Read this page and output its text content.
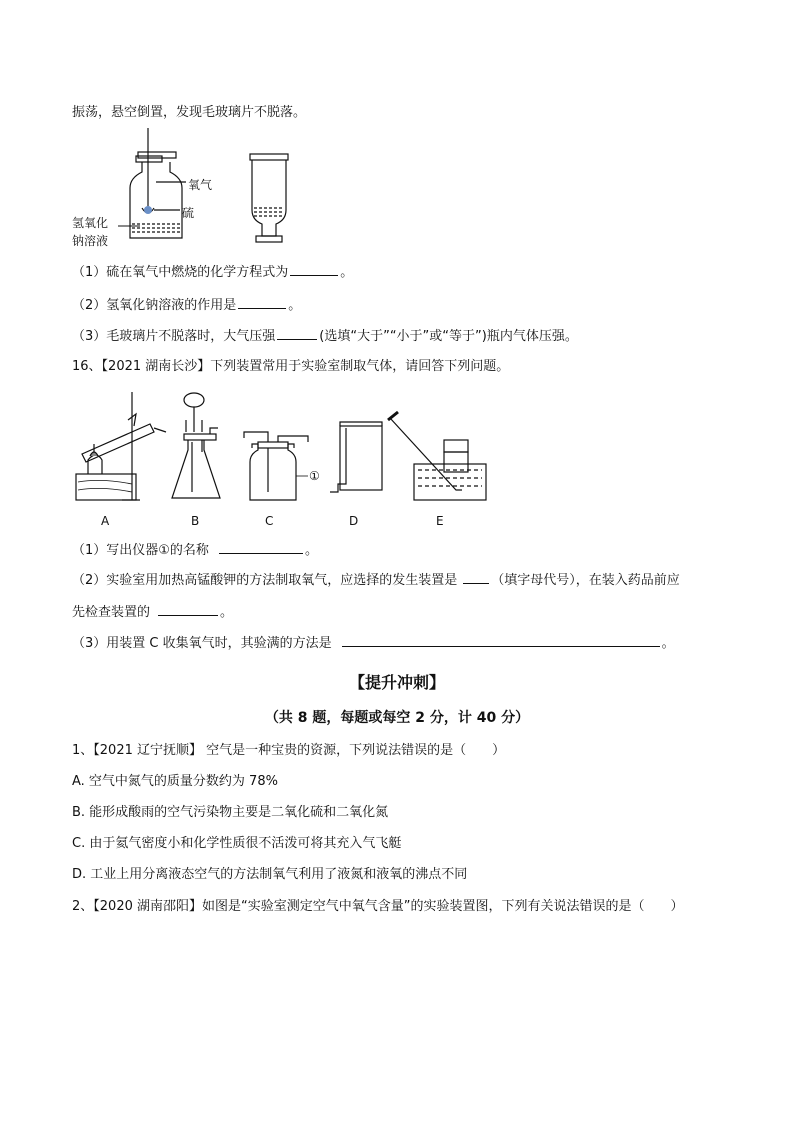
振荡，悬空倒置，发现毛玻璃片不脱落。
氧气
硫
氢氧化
钠溶液
（1）硫在氧气中燃烧的化学方程式为	。
（2）氢氧化钠溶液的作用是	。
（3）毛玻璃片不脱落时，大气压强	(选填“大于”“小于”或“等于”)瓶内气体压强。
16、【2021 湖南长沙】下列装置常用于实验室制取气体，请回答下列问题。
A	B	C	D	E
①
（1）写出仪器①的名称	。
（2）实验室用加热高锰酸钾的方法制取氧气，应选择的发生装置是	（填字母代号），在装入药品前应
先检查装置的	。
（3）用装置 C 收集氧气时，其验满的方法是	。
【提升冲刺】
（共 8 题，每题或每空 2 分，计 40 分）
1、【2021 辽宁抚顺】 空气是一种宝贵的资源，下列说法错误的是（　　）
A. 空气中氮气的质量分数约为 78%
B. 能形成酸雨的空气污染物主要是二氧化硫和二氧化氮
C. 由于氦气密度小和化学性质很不活泼可将其充入气飞艇
D. 工业上用分离液态空气的方法制氧气利用了液氮和液氧的沸点不同
2、【2020 湖南邵阳】如图是“实验室测定空气中氧气含量”的实验装置图，下列有关说法错误的是（　　）
